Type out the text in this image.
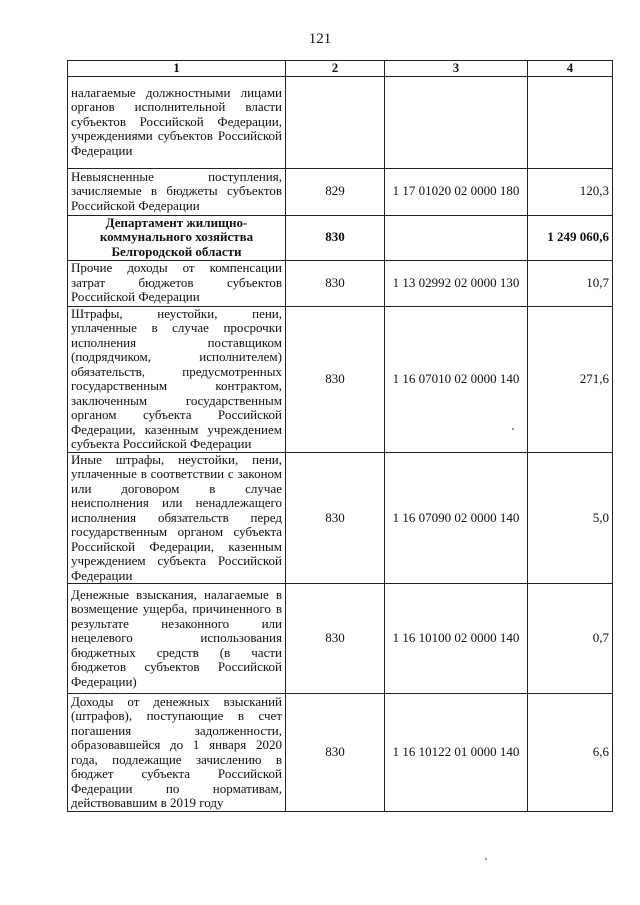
121
1	2	3	4
налагаемые должностными лицами органов исполнительной власти субъектов Российской Федерации, учреждениями субъектов Российской Федерации			
Невыясненные поступления, зачисляемые в бюджеты субъектов Российской Федерации	829	1 17 01020 02 0000 180	120,3
Департамент жилищно-коммунального хозяйства Белгородской области	830		1 249 060,6
Прочие доходы от компенсации затрат бюджетов субъектов Российской Федерации	830	1 13 02992 02 0000 130	10,7
Штрафы, неустойки, пени, уплаченные в случае просрочки исполнения поставщиком (подрядчиком, исполнителем) обязательств, предусмотренных государственным контрактом, заключенным государственным органом субъекта Российской Федерации, казенным учреждением субъекта Российской Федерации	830	1 16 07010 02 0000 140	271,6
Иные штрафы, неустойки, пени, уплаченные в соответствии с законом или договором в случае неисполнения или ненадлежащего исполнения обязательств перед государственным органом субъекта Российской Федерации, казенным учреждением субъекта Российской Федерации	830	1 16 07090 02 0000 140	5,0
Денежные взыскания, налагаемые в возмещение ущерба, причиненного в результате незаконного или нецелевого использования бюджетных средств (в части бюджетов субъектов Российской Федерации)	830	1 16 10100 02 0000 140	0,7
Доходы от денежных взысканий (штрафов), поступающие в счет погашения задолженности, образовавшейся до 1 января 2020 года, подлежащие зачислению в бюджет субъекта Российской Федерации по нормативам, действовавшим в 2019 году	830	1 16 10122 01 0000 140	6,6
